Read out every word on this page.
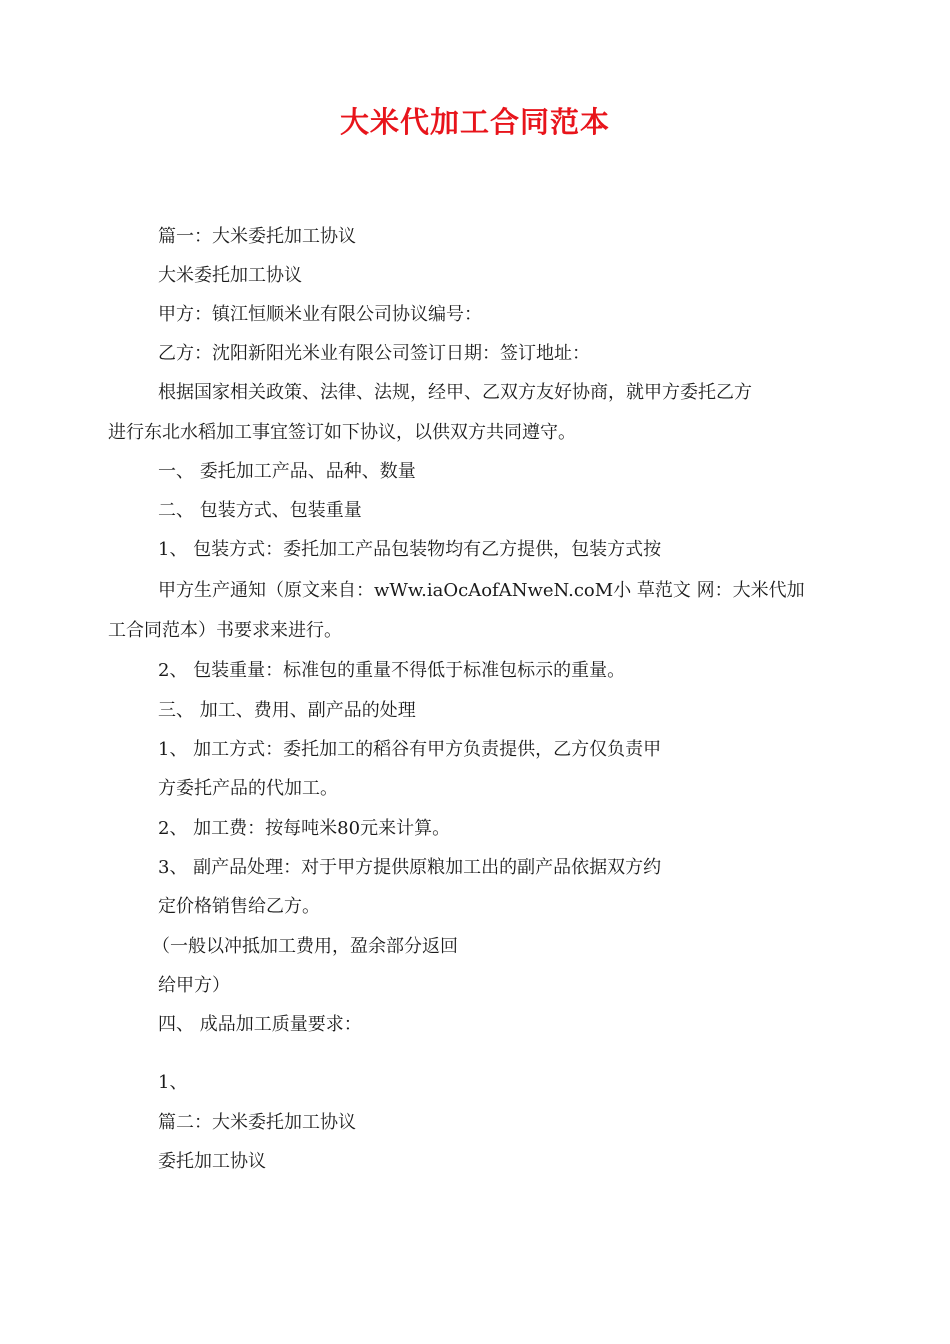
大米代加工合同范本
篇一：大米委托加工协议
大米委托加工协议
甲方：镇江恒顺米业有限公司协议编号：
乙方：沈阳新阳光米业有限公司签订日期：签订地址：
根据国家相关政策、法律、法规，经甲、乙双方友好协商，就甲方委托乙方
进行东北水稻加工事宜签订如下协议，以供双方共同遵守。
一、 委托加工产品、品种、数量
二、 包装方式、包装重量
1、 包装方式：委托加工产品包装物均有乙方提供，包装方式按
甲方生产通知（原文来自：wWw.iaOcAofANweN.coM小 草范文 网：大米代加
工合同范本）书要求来进行。
2、 包装重量：标准包的重量不得低于标准包标示的重量。
三、 加工、费用、副产品的处理
1、 加工方式：委托加工的稻谷有甲方负责提供，乙方仅负责甲
方委托产品的代加工。
2、 加工费：按每吨米80元来计算。
3、 副产品处理：对于甲方提供原粮加工出的副产品依据双方约
定价格销售给乙方。
（一般以冲抵加工费用，盈余部分返回
给甲方）
四、 成品加工质量要求：
1、
篇二：大米委托加工协议
委托加工协议
